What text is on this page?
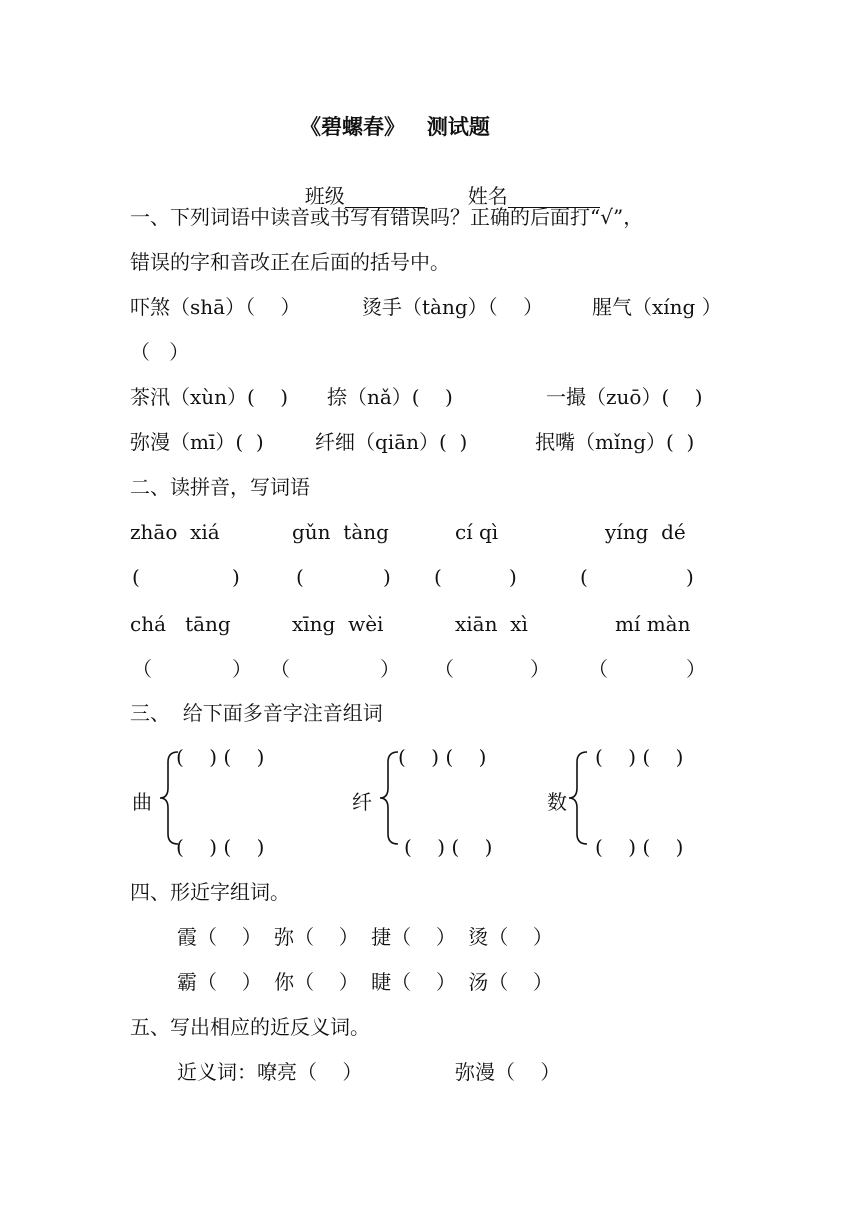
《碧螺春》   测试题

班级	姓名

一、下列词语中读音或书写有错误吗？正确的后面打“√”，
错误的字和音改正在后面的括号中。
吓煞（shā）（    ）	烫手（tàng）（    ） 腥气（xíng ）
（   ）
茶汛（xùn）(    ) 捺（nǎ）(    )	一撮（zuō）(    )
弥漫（mī）(  )	纤细（qiān）(  )	抿嘴（mǐng）(  )
二、读拼音，写词语
zhāo  xiá	gǔn  tàng	cí qì	yíng  dé
(	)	(	) (	)	(	)
chá   tāng	xīng  wèi	xiān  xì	mí màn
（	） （	） （	） （	）
三、  给下面多音字注音组词
(    ) (    )
曲
(    ) (    )
(    ) (    )
纤
(    ) (    )
(    ) (    )
数
(    ) (    )
四、形近字组词。
霞（  ） 弥（  ） 捷（  ） 烫（  ）
霸（  ） 你（  ） 睫（  ） 汤（  ）
五、写出相应的近反义词。
近义词：嘹亮（    ）	弥漫（    ）
